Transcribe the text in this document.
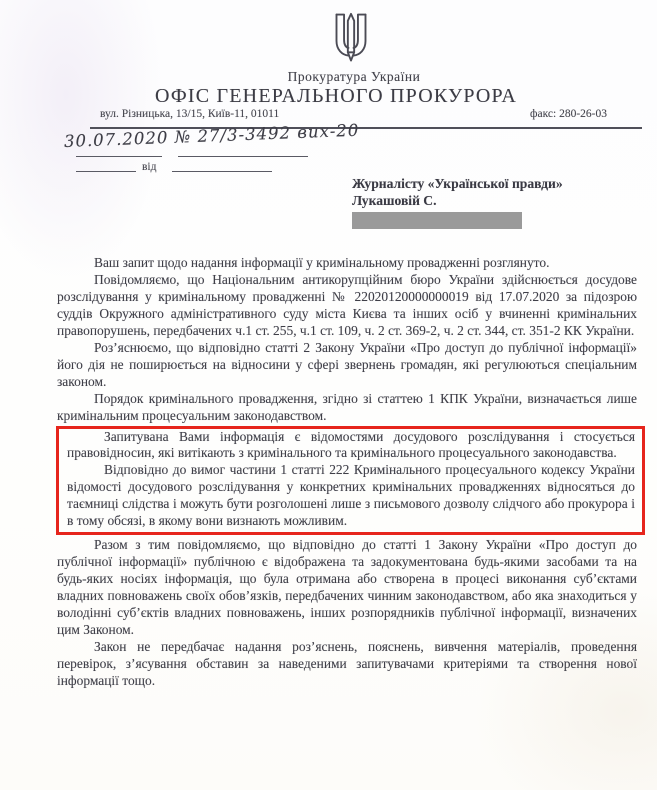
Прокуратура України
ОФІС ГЕНЕРАЛЬНОГО ПРОКУРОРА
вул. Різницька, 13/15, Київ-11, 01011	факс: 280-26-03
30.07.2020 № 27/3-3492 вих-20
від
Журналісту «Української правди»
Лукашовій С.

Ваш запит щодо надання інформації у кримінальному провадженні розглянуто.

Повідомляємо, що Національним антикорупційним бюро України здійснюється досудове розслідування у кримінальному провадженні № 22020120000000019 від 17.07.2020 за підозрою суддів Окружного адміністративного суду міста Києва та інших осіб у вчиненні кримінальних правопорушень, передбачених ч.1 ст. 255, ч.1 ст. 109, ч. 2 ст. 369-2, ч. 2 ст. 344, ст. 351-2 КК України.

Роз’яснюємо, що відповідно статті 2 Закону України «Про доступ до публічної інформації» його дія не поширюється на відносини у сфері звернень громадян, які регулюються спеціальним законом.

Порядок кримінального провадження, згідно зі статтею 1 КПК України, визначається лише кримінальним процесуальним законодавством.

Запитувана Вами інформація є відомостями досудового розслідування і стосується правовідносин, які витікають з кримінального та кримінального процесуального законодавства.

Відповідно до вимог частини 1 статті 222 Кримінального процесуального кодексу України відомості досудового розслідування у конкретних кримінальних провадженнях відносяться до таємниці слідства і можуть бути розголошені лише з письмового дозволу слідчого або прокурора і в тому обсязі, в якому вони визнають можливим.

Разом з тим повідомляємо, що відповідно до статті 1 Закону України «Про доступ до публічної інформації» публічною є відображена та задокументована будь-якими засобами та на будь-яких носіях інформація, що була отримана або створена в процесі виконання суб’єктами владних повноважень своїх обов’язків, передбачених чинним законодавством, або яка знаходиться у володінні суб’єктів владних повноважень, інших розпорядників публічної інформації, визначених цим Законом.

Закон не передбачає надання роз’яснень, пояснень, вивчення матеріалів, проведення перевірок, з’ясування обставин за наведеними запитувачами критеріями та створення нової інформації тощо.
